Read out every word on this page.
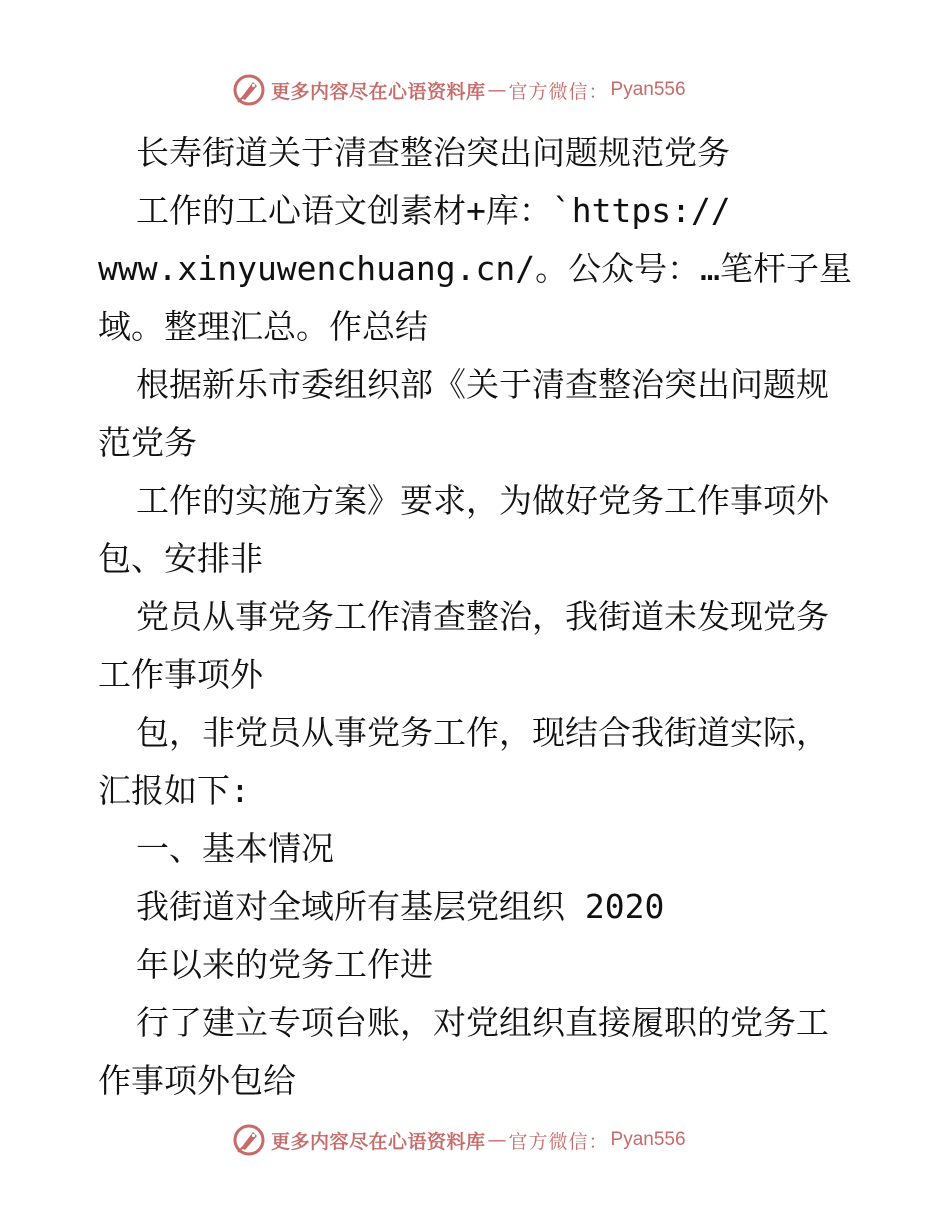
更多内容尽在心语资料库 — 官方微信： Pyan556
长寿街道关于清查整治突出问题规范党务
工作的工心语文创素材+库：`https://
www.xinyuwenchuang.cn/。公众号：…笔杆子星
域。整理汇总。作总结
根据新乐市委组织部《关于清查整治突出问题规
范党务
工作的实施方案》要求，为做好党务工作事项外
包、安排非
党员从事党务工作清查整治，我街道未发现党务
工作事项外
包，非党员从事党务工作，现结合我街道实际，
汇报如下:
一、基本情况
我街道对全域所有基层党组织 2020
年以来的党务工作进
行了建立专项台账，对党组织直接履职的党务工
作事项外包给
更多内容尽在心语资料库 — 官方微信： Pyan556
